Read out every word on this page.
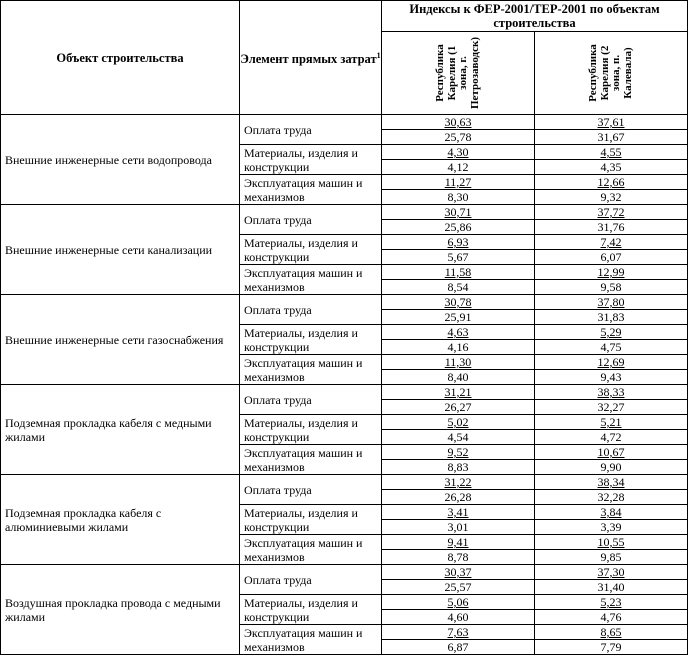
Объект строительства	Элемент прямых затрат$^1$	Индексы к ФЕР-2001/ТЕР-2001 по объектам строительства	

		Республика Карелия (1 зона, г. Петрозаводск)	Республика Карелия (2 зона, п. Калевала)

Внешние инженерные сети водопровода	Оплата труда	30,63	37,61
		25,78	31,67
	Материалы, изделия и конструкции	4,30	4,55
		4,12	4,35
	Эксплуатация машин и механизмов	11,27	12,66
		8,30	9,32
Внешние инженерные сети канализации	Оплата труда	30,71	37,72
		25,86	31,76
	Материалы, изделия и конструкции	6,93	7,42
		5,67	6,07
	Эксплуатация машин и механизмов	11,58	12,99
		8,54	9,58
Внешние инженерные сети газоснабжения	Оплата труда	30,78	37,80
		25,91	31,83
	Материалы, изделия и конструкции	4,63	5,29
		4,16	4,75
	Эксплуатация машин и механизмов	11,30	12,69
		8,40	9,43
Подземная прокладка кабеля с медными жилами	Оплата труда	31,21	38,33
		26,27	32,27
	Материалы, изделия и конструкции	5,02	5,21
		4,54	4,72
	Эксплуатация машин и механизмов	9,52	10,67
		8,83	9,90
Подземная прокладка кабеля с алюминиевыми жилами	Оплата труда	31,22	38,34
		26,28	32,28
	Материалы, изделия и конструкции	3,41	3,84
		3,01	3,39
	Эксплуатация машин и механизмов	9,41	10,55
		8,78	9,85
Воздушная прокладка провода с медными жилами	Оплата труда	30,37	37,30
		25,57	31,40
	Материалы, изделия и конструкции	5,06	5,23
		4,60	4,76
	Эксплуатация машин и механизмов	7,63	8,65
		6,87	7,79
